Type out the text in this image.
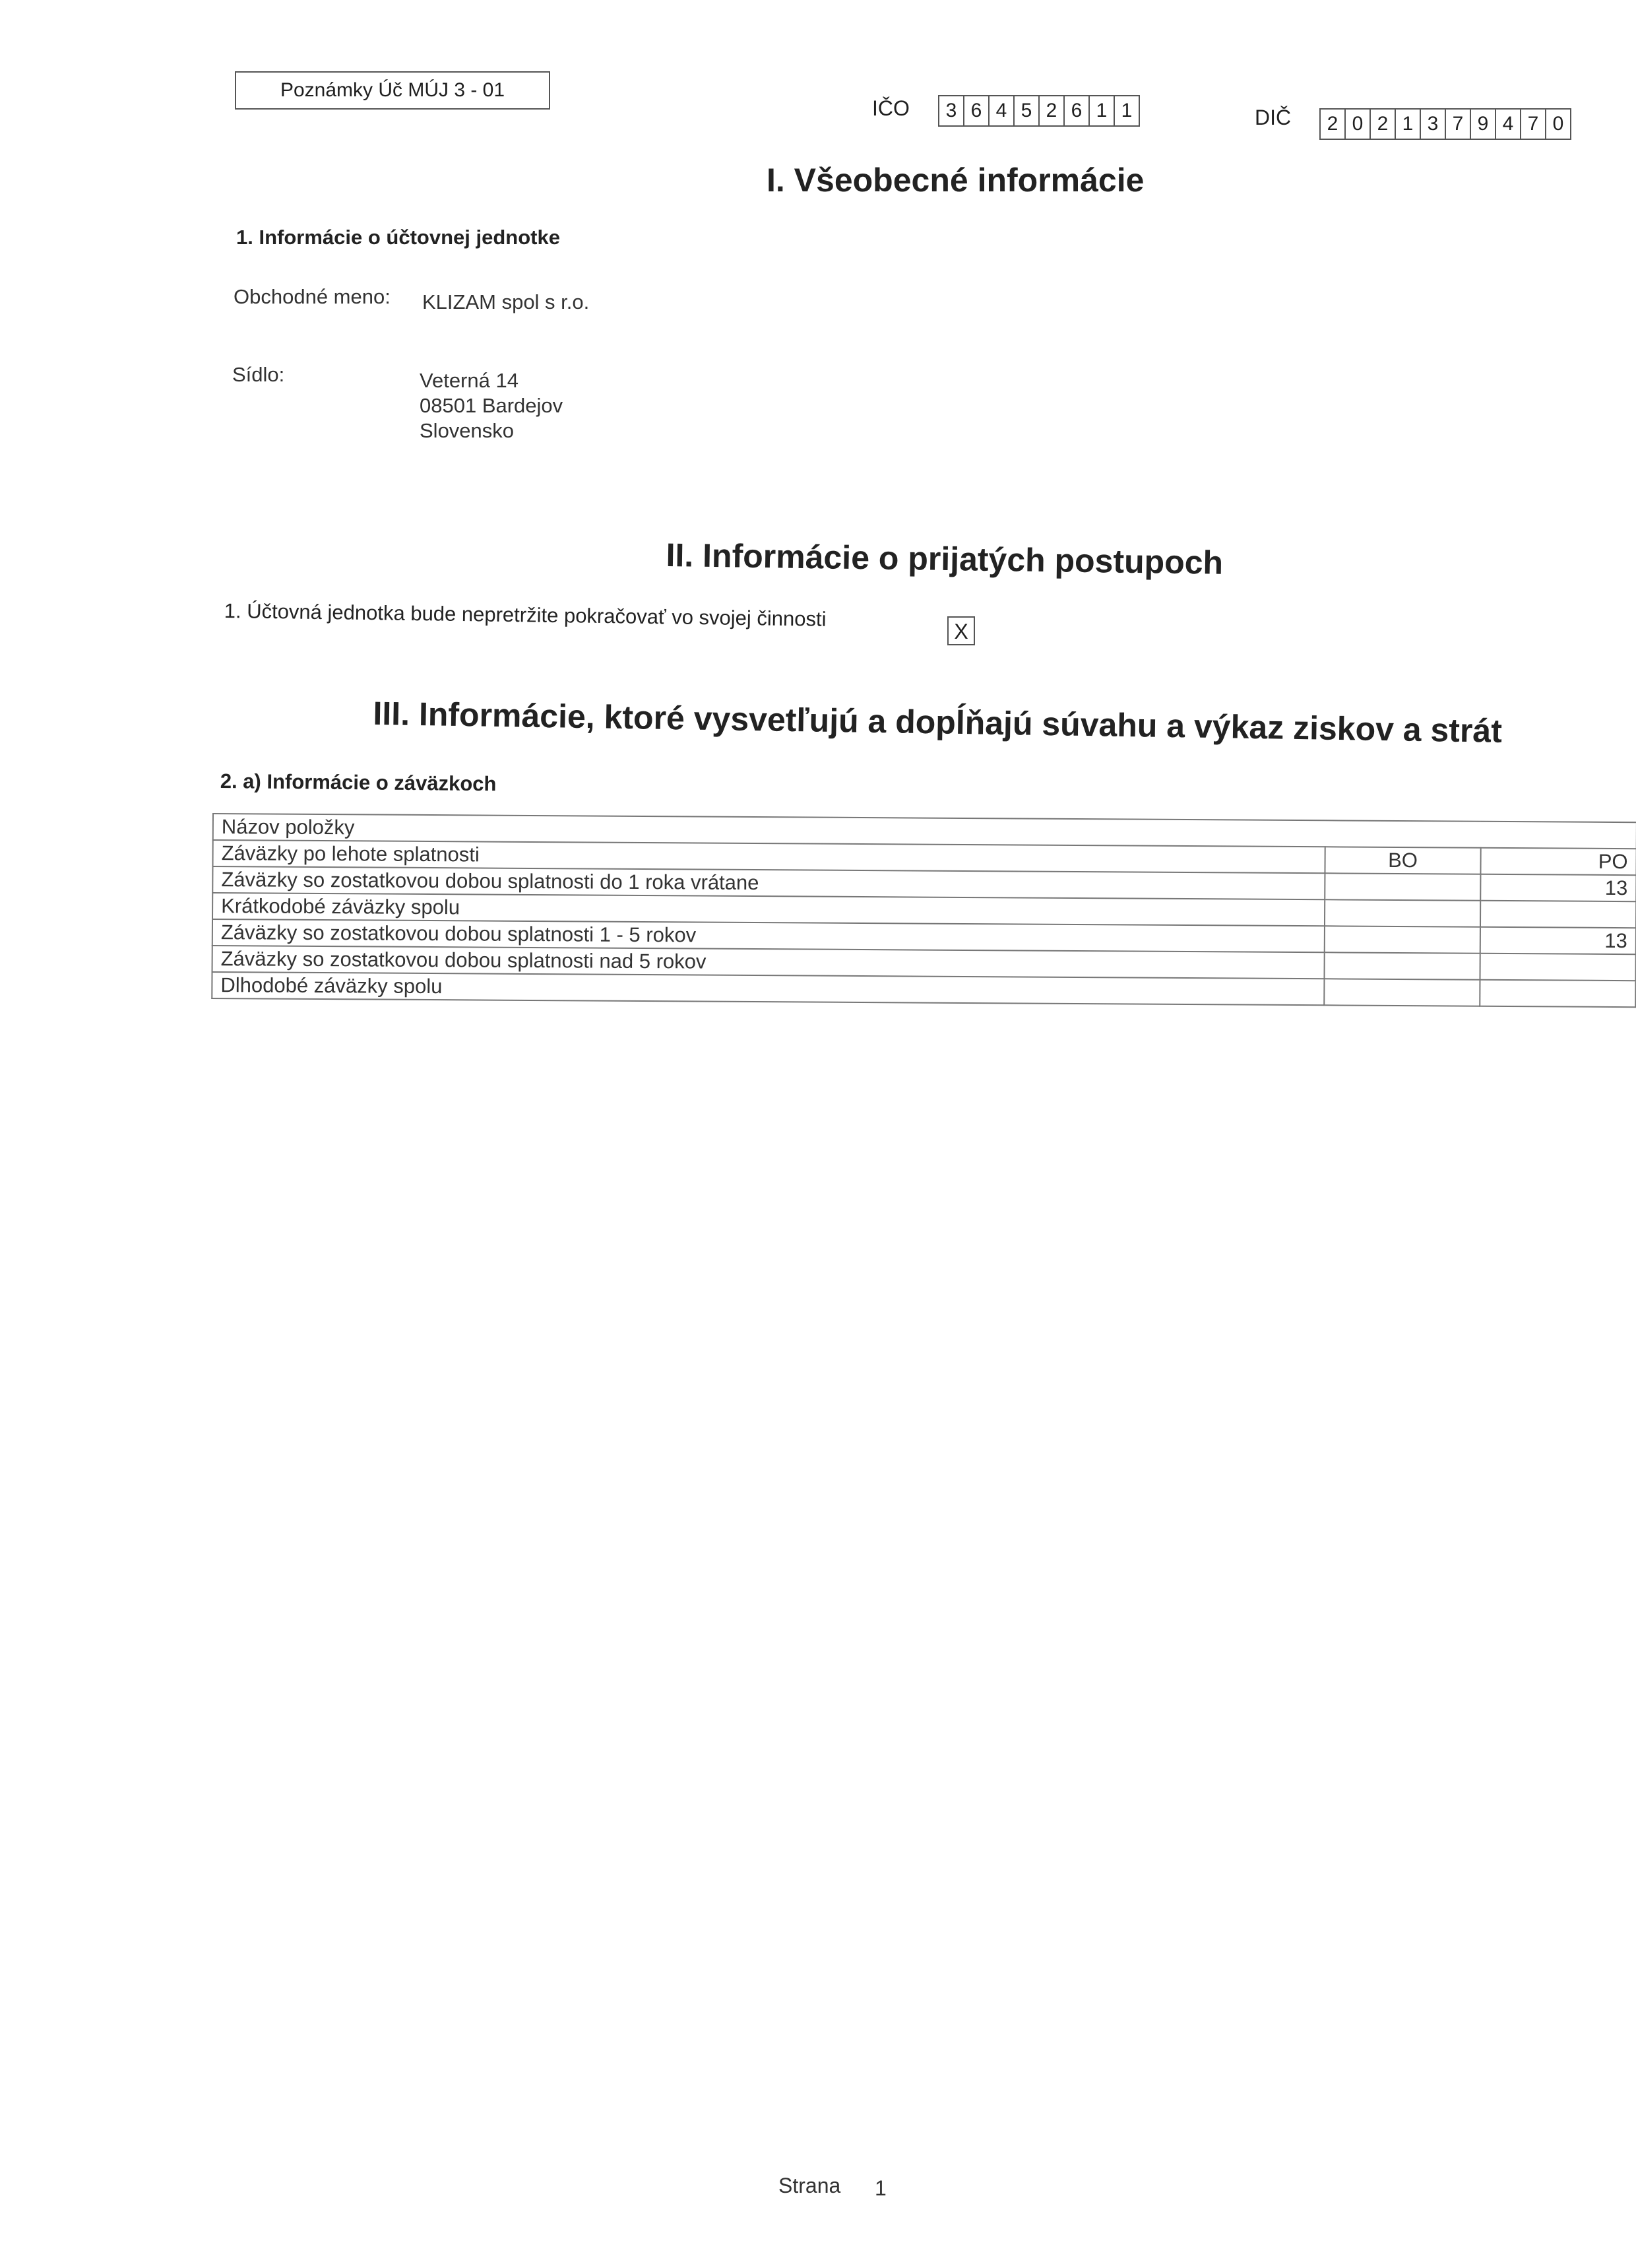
Poznámky Úč MÚJ 3 - 01
IČO	3 6 4 5 2 6 1 1	DIČ	2 0 2 1 3 7 9 4 7 0
I. Všeobecné informácie
1. Informácie o účtovnej jednotke
Obchodné meno: KLIZAM spol s r.o.
Sídlo:	Veterná 14
08501 Bardejov
Slovensko
II. Informácie o prijatých postupoch
1. Účtovná jednotka bude nepretržite pokračovať vo svojej činnosti
X
III. Informácie, ktoré vysvetľujú a dopĺňajú súvahu a výkaz ziskov a strát
2. a) Informácie o záväzkoch
Názov položky		
Záväzky po lehote splatnosti	BO	PO
Záväzky so zostatkovou dobou splatnosti do 1 roka vrátane		13
Krátkodobé záväzky spolu		
Záväzky so zostatkovou dobou splatnosti 1 - 5 rokov		13
Záväzky so zostatkovou dobou splatnosti nad 5 rokov		
Dlhodobé záväzky spolu		
Strana 1
